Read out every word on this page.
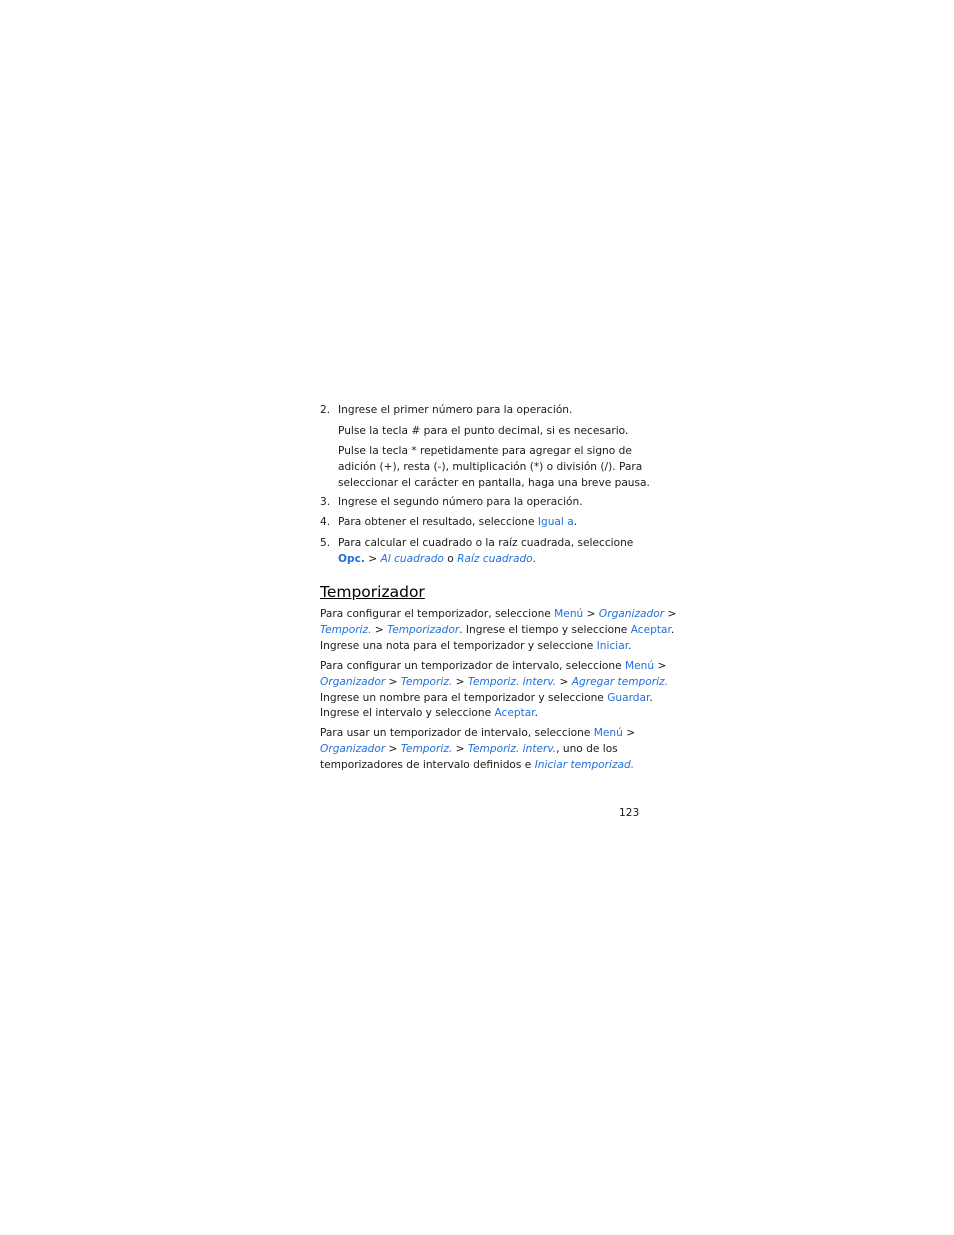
2. Ingrese el primer número para la operación.

Pulse la tecla # para el punto decimal, si es necesario.

Pulse la tecla * repetidamente para agregar el signo de
adición (+), resta (-), multiplicación (*) o división (/). Para
seleccionar el carácter en pantalla, haga una breve pausa.

3. Ingrese el segundo número para la operación.

4. Para obtener el resultado, seleccione Igual a.

5. Para calcular el cuadrado o la raíz cuadrada, seleccione
Opc. > Al cuadrado o Raíz cuadrado.

Temporizador

Para configurar el temporizador, seleccione Menú > Organizador >
Temporiz. > Temporizador. Ingrese el tiempo y seleccione Aceptar.
Ingrese una nota para el temporizador y seleccione Iniciar.

Para configurar un temporizador de intervalo, seleccione Menú >
Organizador > Temporiz. > Temporiz. interv. > Agregar temporiz.
Ingrese un nombre para el temporizador y seleccione Guardar.
Ingrese el intervalo y seleccione Aceptar.

Para usar un temporizador de intervalo, seleccione Menú >
Organizador > Temporiz. > Temporiz. interv., uno de los
temporizadores de intervalo definidos e Iniciar temporizad.

123
